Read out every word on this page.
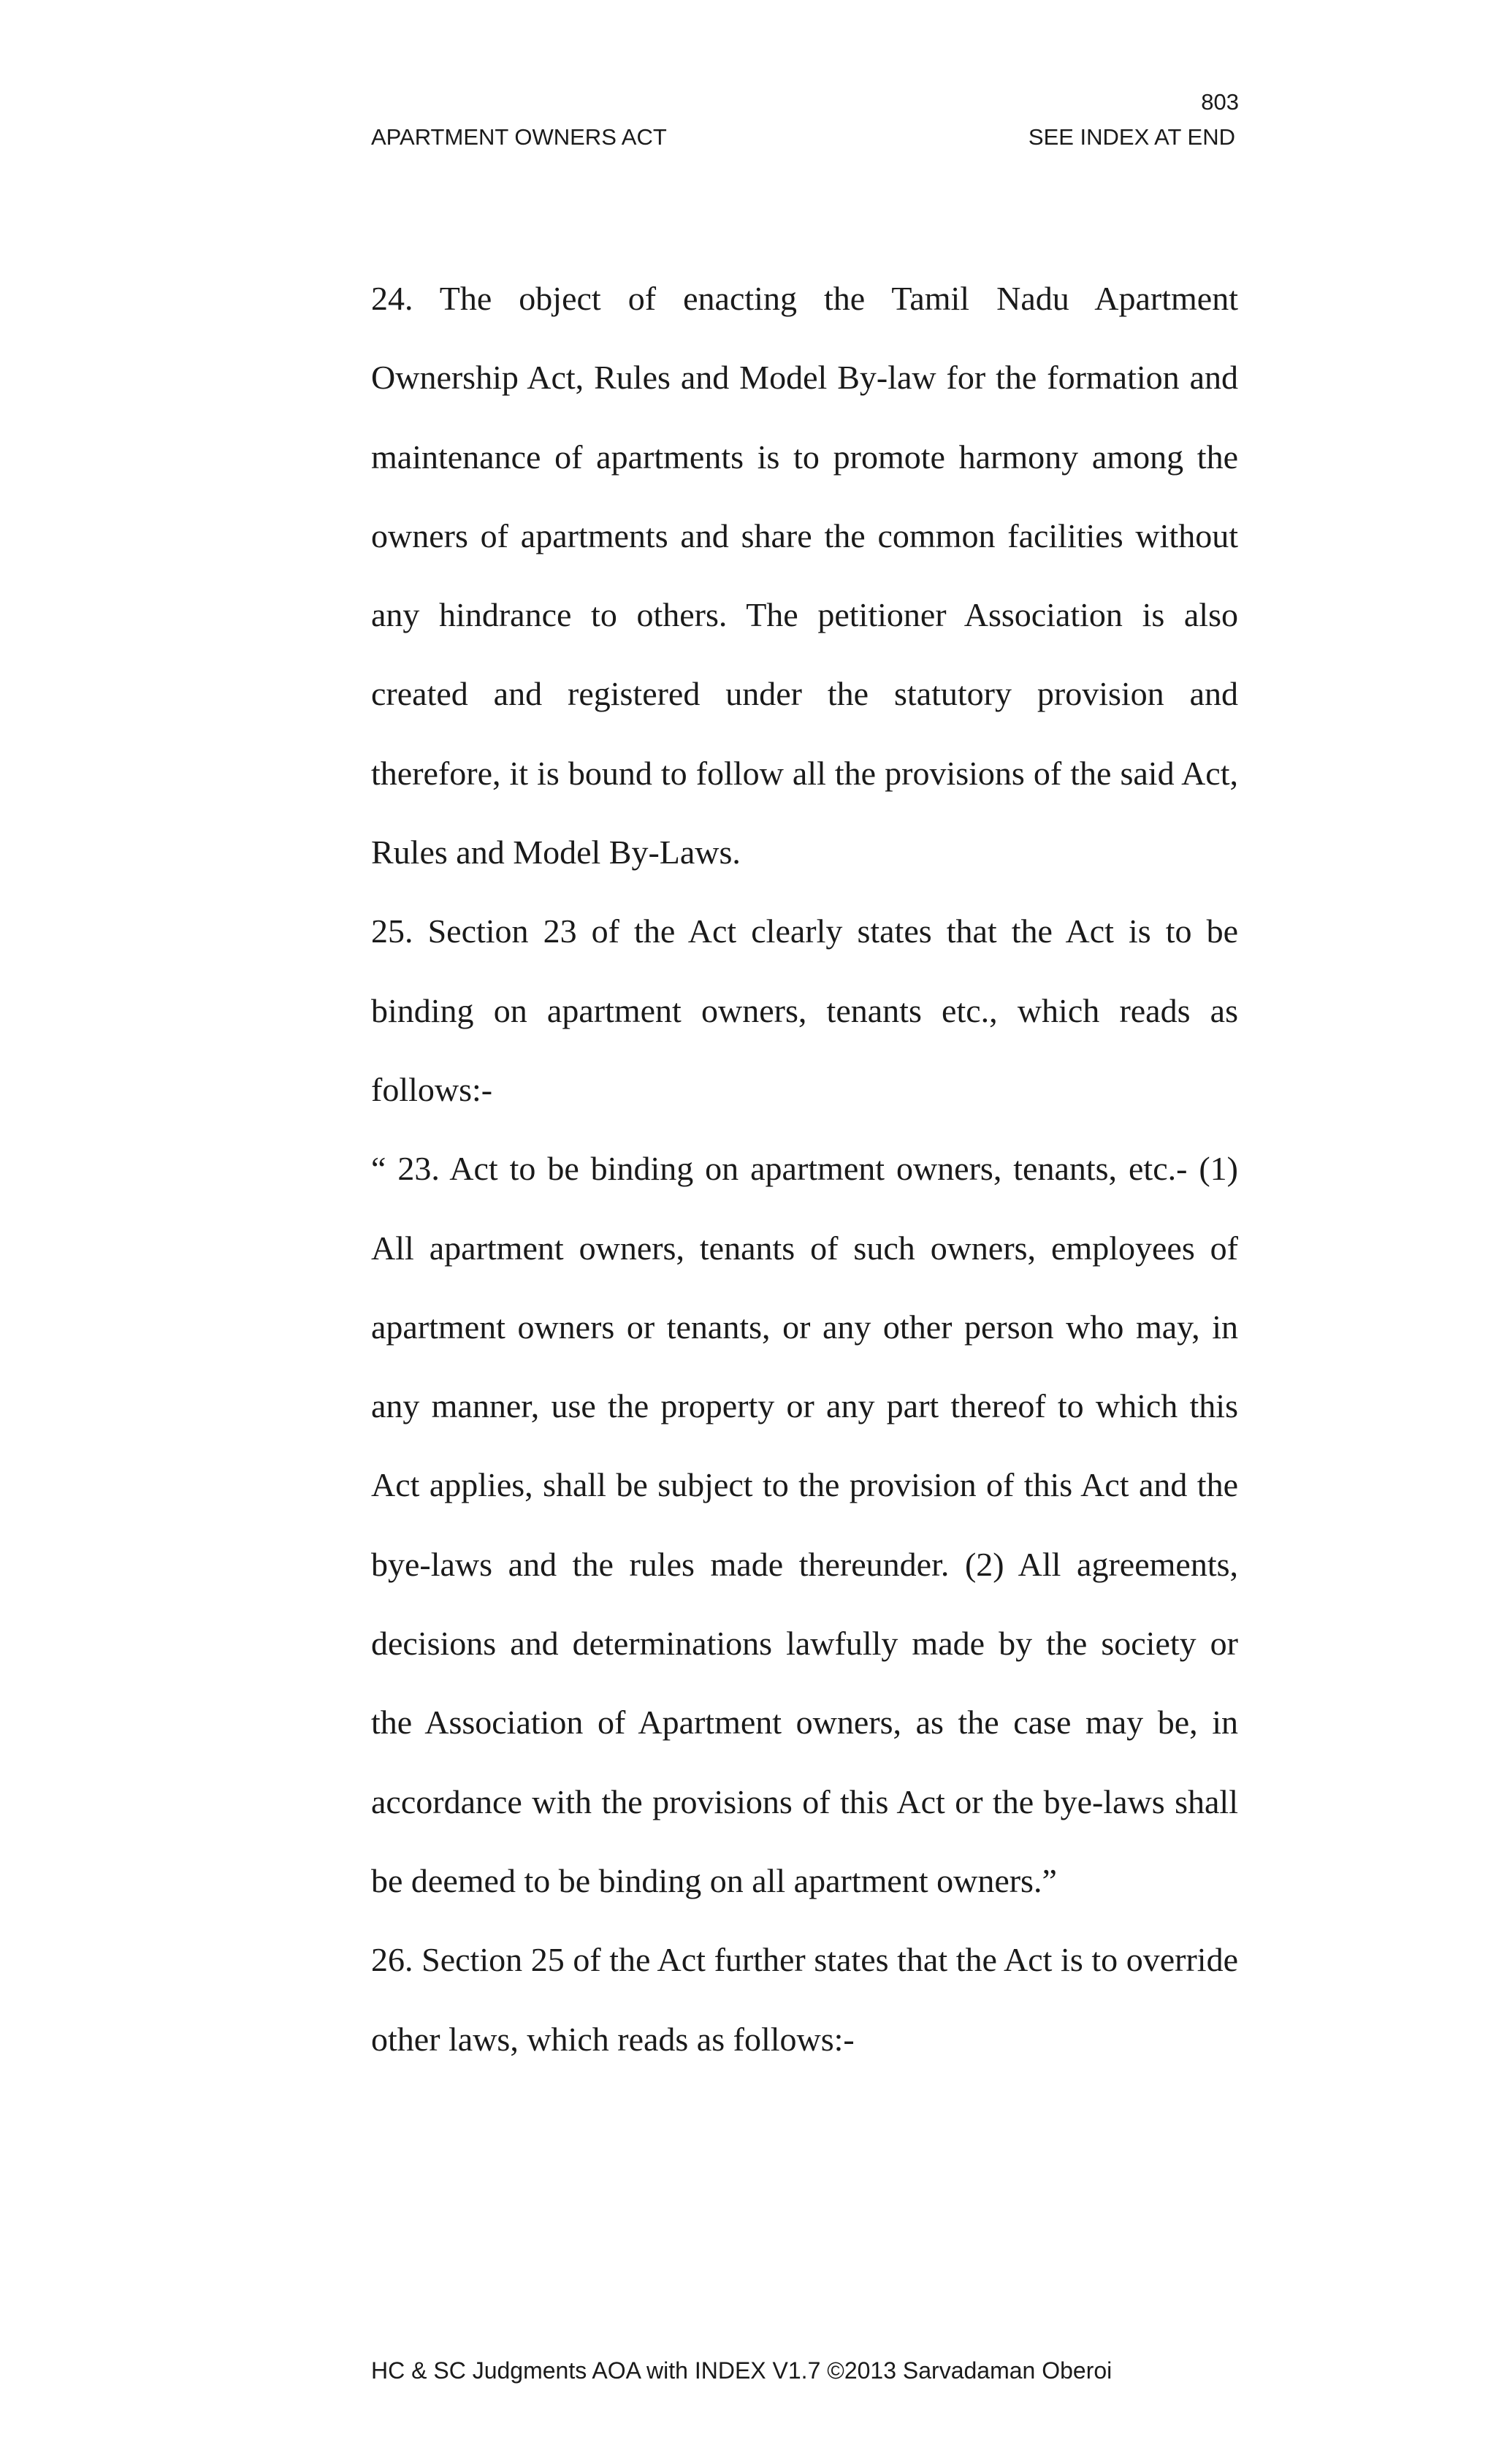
803
APARTMENT OWNERS ACT	SEE INDEX AT END

24. The object of enacting the Tamil Nadu Apartment Ownership Act, Rules and Model By-law for the formation and maintenance of apartments is to promote harmony among the owners of apartments and share the common facilities without any hindrance to others. The petitioner Association is also created and registered under the statutory provision and therefore, it is bound to follow all the provisions of the said Act, Rules and Model By-Laws.

25. Section 23 of the Act clearly states that the Act is to be binding on apartment owners, tenants etc., which reads as follows:-

“ 23. Act to be binding on apartment owners, tenants, etc.- (1) All apartment owners, tenants of such owners, employees of apartment owners or tenants, or any other person who may, in any manner, use the property or any part thereof to which this Act applies, shall be subject to the provision of this Act and the bye-laws and the rules made thereunder. (2) All agreements, decisions and determinations lawfully made by the society or the Association of Apartment owners, as the case may be, in accordance with the provisions of this Act or the bye-laws shall be deemed to be binding on all apartment owners.”

26. Section 25 of the Act further states that the Act is to override other laws, which reads as follows:-

HC & SC Judgments AOA with INDEX V1.7 ©2013 Sarvadaman Oberoi
